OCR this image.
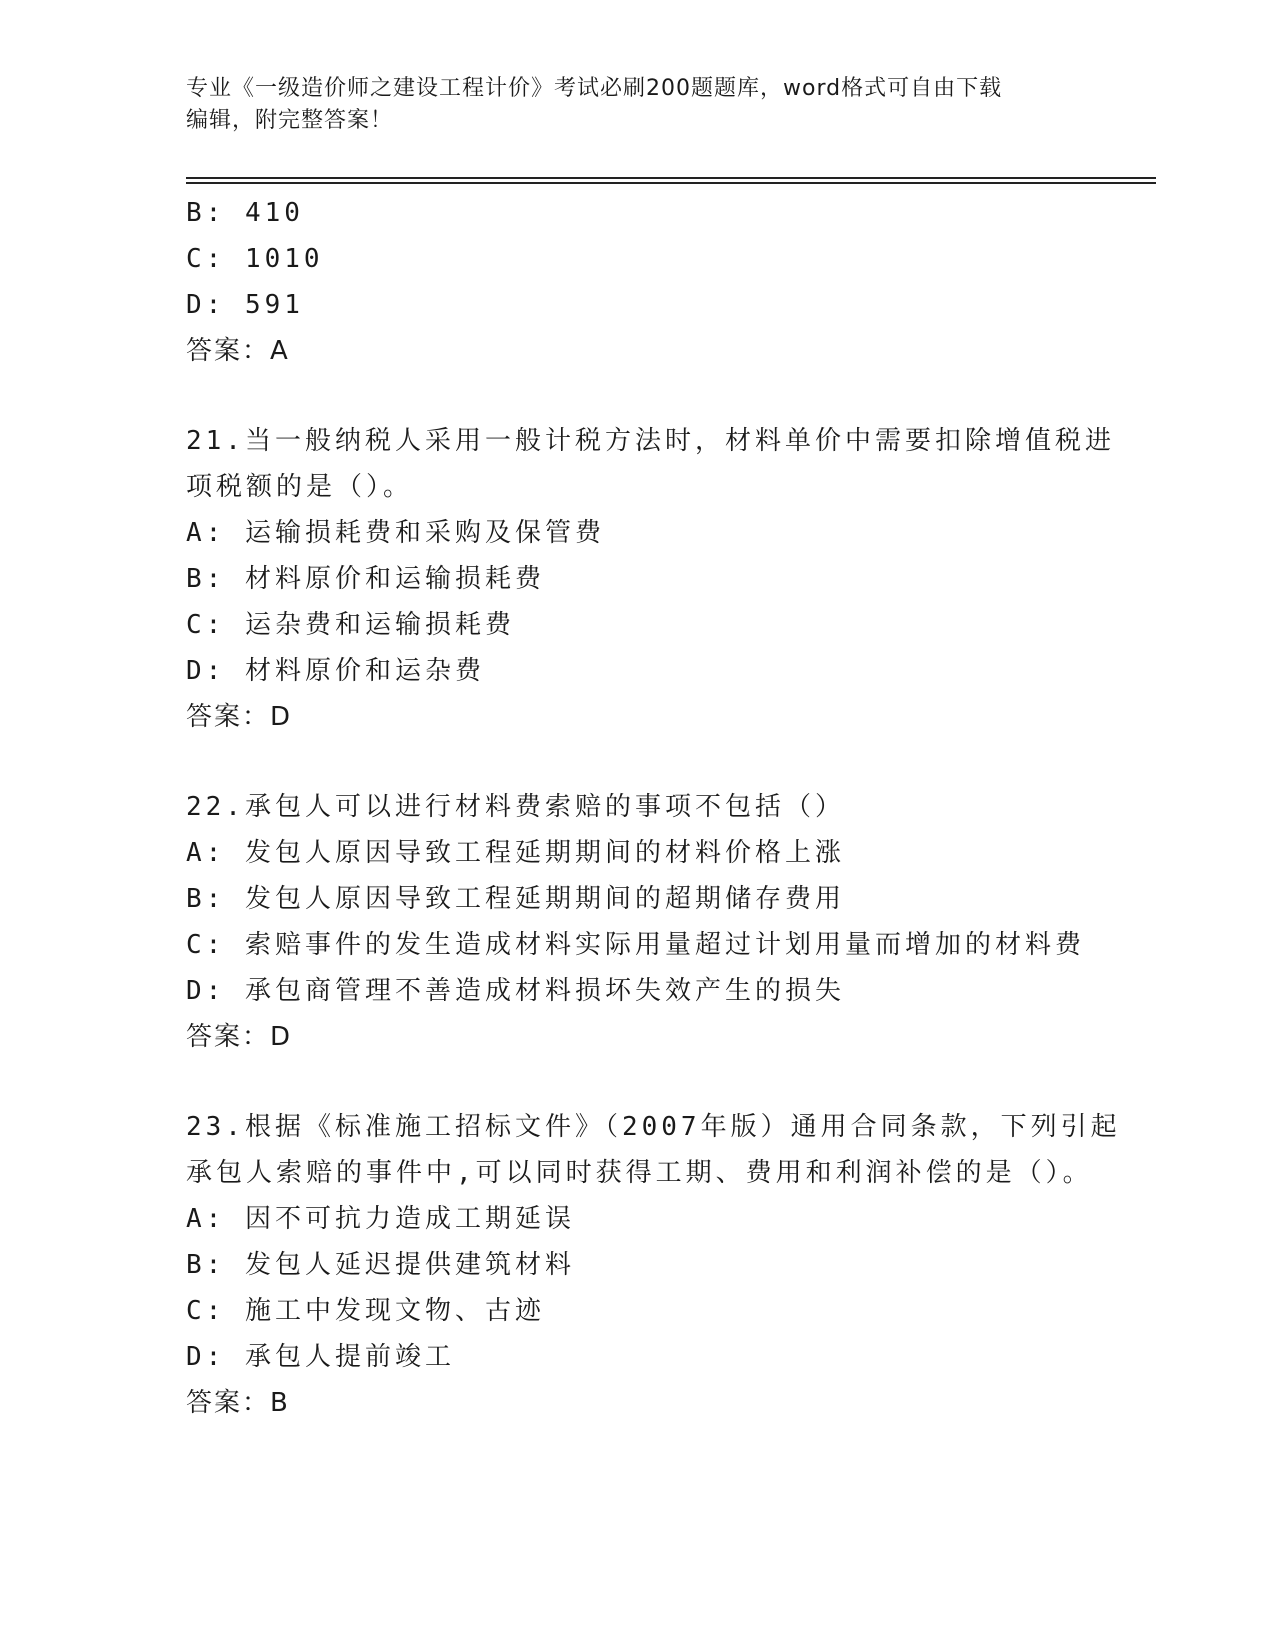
专业《一级造价师之建设工程计价》考试必刷200题题库，word格式可自由下载
编辑，附完整答案！
B: 410
C: 1010
D: 591
答案：A
21.当一般纳税人采用一般计税方法时，材料单价中需要扣除增值税进
项税额的是（）。
A: 运输损耗费和采购及保管费
B: 材料原价和运输损耗费
C: 运杂费和运输损耗费
D: 材料原价和运杂费
答案：D
22.承包人可以进行材料费索赔的事项不包括（）
A: 发包人原因导致工程延期期间的材料价格上涨
B: 发包人原因导致工程延期期间的超期储存费用
C: 索赔事件的发生造成材料实际用量超过计划用量而增加的材料费
D: 承包商管理不善造成材料损坏失效产生的损失
答案：D
23.根据《标准施工招标文件》（2007年版）通用合同条款，下列引起
承包人索赔的事件中,可以同时获得工期、费用和利润补偿的是（）。
A: 因不可抗力造成工期延误
B: 发包人延迟提供建筑材料
C: 施工中发现文物、古迹
D: 承包人提前竣工
答案：B
